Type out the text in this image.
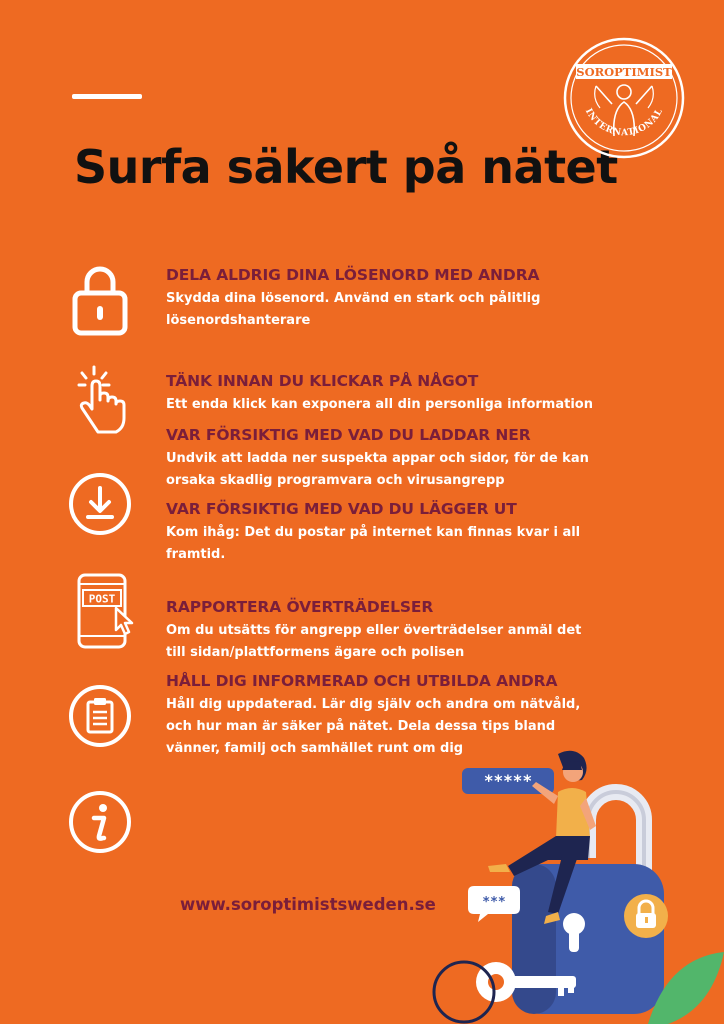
Surfa säkert på nätet
SOROPTIMIST
INTERNATIONAL
POST

DELA ALDRIG DINA LÖSENORD MED ANDRA

Skydda dina lösenord. Använd en stark och pålitlig
lösenordshanterare

TÄNK INNAN DU KLICKAR PÅ NÅGOT

Ett enda klick kan exponera all din personliga information

VAR FÖRSIKTIG MED VAD DU LADDAR NER

Undvik att ladda ner suspekta appar och sidor, för de kan
orsaka skadlig programvara och virusangrepp

VAR FÖRSIKTIG MED VAD DU LÄGGER UT

Kom ihåg: Det du postar på internet kan finnas kvar i all
framtid.

RAPPORTERA ÖVERTRÄDELSER

Om du utsätts för angrepp eller överträdelser anmäl det
till sidan/plattformens ägare och polisen

HÅLL DIG INFORMERAD OCH UTBILDA ANDRA

Håll dig uppdaterad. Lär dig själv och andra om nätvåld,
och hur man är säker på nätet. Dela dessa tips bland
vänner, familj och samhället runt om dig

www.soroptimistsweden.se

*****
***
